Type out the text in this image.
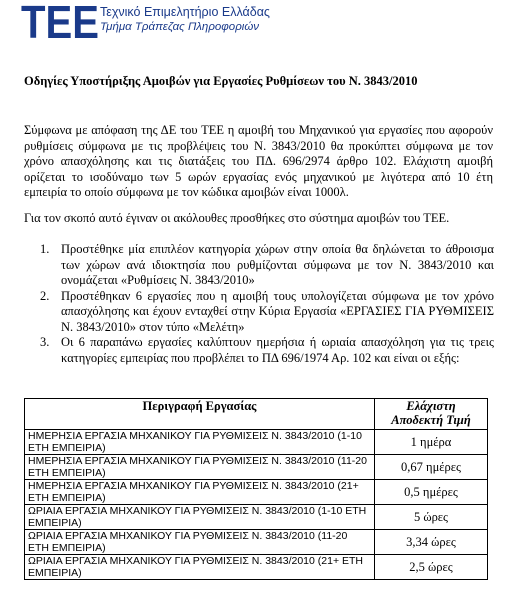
ΤΕΕ Τεχνικό Επιμελητήριο Ελλάδας
Τμήμα Τράπεζας Πληροφοριών
Οδηγίες Υποστήριξης Αμοιβών για Εργασίες Ρυθμίσεων του Ν. 3843/2010
Σύμφωνα με απόφαση της ΔΕ του ΤΕΕ η αμοιβή του Μηχανικού για εργασίες που αφορούν ρυθμίσεις σύμφωνα με τις προβλέψεις του Ν. 3843/2010 θα προκύπτει σύμφωνα με τον χρόνο απασχόλησης και τις διατάξεις του ΠΔ. 696/2974 άρθρο 102. Ελάχιστη αμοιβή ορίζεται το ισοδύναμο των 5 ωρών εργασίας ενός μηχανικού με λιγότερα από 10 έτη εμπειρία το οποίο σύμφωνα με τον κώδικα αμοιβών είναι 1000λ.
Για τον σκοπό αυτό έγιναν οι ακόλουθες προσθήκες στο σύστημα αμοιβών του ΤΕΕ.
1. Προστέθηκε μία επιπλέον κατηγορία χώρων στην οποία θα δηλώνεται το άθροισμα των χώρων ανά ιδιοκτησία που ρυθμίζονται σύμφωνα με τον Ν. 3843/2010 και ονομάζεται «Ρυθμίσεις Ν. 3843/2010»
2. Προστέθηκαν 6 εργασίες που η αμοιβή τους υπολογίζεται σύμφωνα με τον χρόνο απασχόλησης και έχουν ενταχθεί στην Κύρια Εργασία «ΕΡΓΑΣΙΕΣ ΓΙΑ ΡΥΘΜΙΣΕΙΣ Ν. 3843/2010» στον τύπο «Μελέτη»
3. Οι 6 παραπάνω εργασίες καλύπτουν ημερήσια ή ωριαία απασχόληση για τις τρεις κατηγορίες εμπειρίας που προβλέπει το ΠΔ 696/1974 Αρ. 102 και είναι οι εξής:
Περιγραφή Εργασίας	Ελάχιστη
Αποδεκτή Τιμή
ΗΜΕΡΗΣΙΑ ΕΡΓΑΣΙΑ ΜΗΧΑΝΙΚΟΥ ΓΙΑ ΡΥΘΜΙΣΕΙΣ Ν. 3843/2010 (1-10 ΕΤΗ ΕΜΠΕΙΡΙΑ)	1 ημέρα
ΗΜΕΡΗΣΙΑ ΕΡΓΑΣΙΑ ΜΗΧΑΝΙΚΟΥ ΓΙΑ ΡΥΘΜΙΣΕΙΣ Ν. 3843/2010 (11-20 ΕΤΗ ΕΜΠΕΙΡΙΑ)	0,67 ημέρες
ΗΜΕΡΗΣΙΑ ΕΡΓΑΣΙΑ ΜΗΧΑΝΙΚΟΥ ΓΙΑ ΡΥΘΜΙΣΕΙΣ Ν. 3843/2010 (21+ ΕΤΗ ΕΜΠΕΙΡΙΑ)	0,5 ημέρες
ΩΡΙΑΙΑ ΕΡΓΑΣΙΑ ΜΗΧΑΝΙΚΟΥ ΓΙΑ ΡΥΘΜΙΣΕΙΣ Ν. 3843/2010 (1-10 ΕΤΗ ΕΜΠΕΙΡΙΑ)	5 ώρες
ΩΡΙΑΙΑ ΕΡΓΑΣΙΑ ΜΗΧΑΝΙΚΟΥ ΓΙΑ ΡΥΘΜΙΣΕΙΣ Ν. 3843/2010 (11-20 ΕΤΗ ΕΜΠΕΙΡΙΑ)	3,34 ώρες
ΩΡΙΑΙΑ ΕΡΓΑΣΙΑ ΜΗΧΑΝΙΚΟΥ ΓΙΑ ΡΥΘΜΙΣΕΙΣ Ν. 3843/2010 (21+ ΕΤΗ ΕΜΠΕΙΡΙΑ)	2,5 ώρες
